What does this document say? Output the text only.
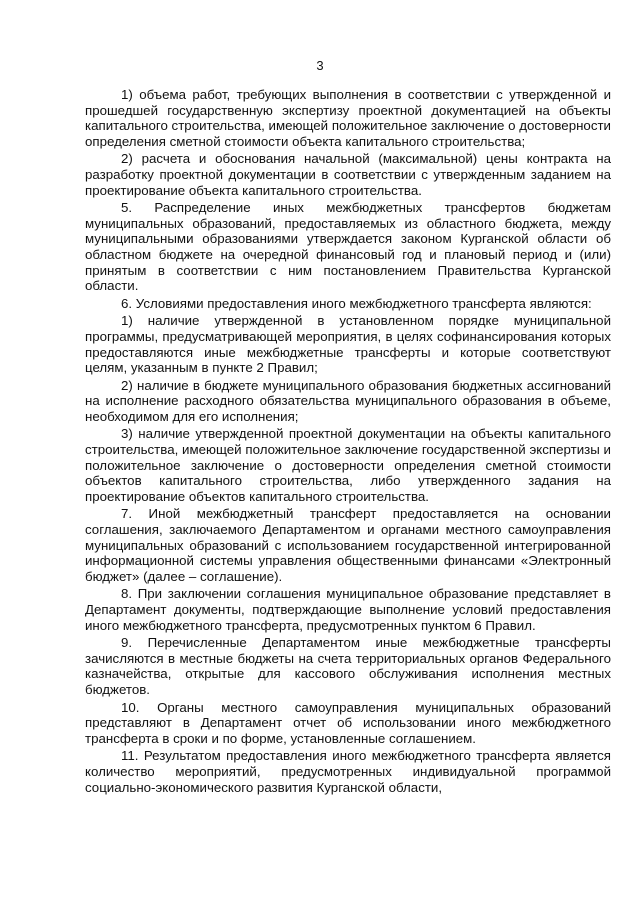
3

1) объема работ, требующих выполнения в соответствии с утвержденной и прошедшей государственную экспертизу проектной документацией на объекты капитального строительства, имеющей положительное заключение о достоверности определения сметной стоимости объекта капитального строительства;

2) расчета и обоснования начальной (максимальной) цены контракта на разработку проектной документации в соответствии с утвержденным заданием на проектирование объекта капитального строительства.

5. Распределение иных межбюджетных трансфертов бюджетам муниципальных образований, предоставляемых из областного бюджета, между муниципальными образованиями утверждается законом Курганской области об областном бюджете на очередной финансовый год и плановый период и (или) принятым в соответствии с ним постановлением Правительства Курганской области.

6. Условиями предоставления иного межбюджетного трансферта являются:

1) наличие утвержденной в установленном порядке муниципальной программы, предусматривающей мероприятия, в целях софинансирования которых предоставляются иные межбюджетные трансферты и которые соответствуют целям, указанным в пункте 2 Правил;

2) наличие в бюджете муниципального образования бюджетных ассигнований на исполнение расходного обязательства муниципального образования в объеме, необходимом для его исполнения;

3) наличие утвержденной проектной документации на объекты капитального строительства, имеющей положительное заключение государственной экспертизы и положительное заключение о достоверности определения сметной стоимости объектов капитального строительства, либо утвержденного задания на проектирование объектов капитального строительства.

7. Иной межбюджетный трансферт предоставляется на основании соглашения, заключаемого Департаментом и органами местного самоуправления муниципальных образований с использованием государственной интегрированной информационной системы управления общественными финансами «Электронный бюджет» (далее – соглашение).

8. При заключении соглашения муниципальное образование представляет в Департамент документы, подтверждающие выполнение условий предоставления иного межбюджетного трансферта, предусмотренных пунктом 6 Правил.

9. Перечисленные Департаментом иные межбюджетные трансферты зачисляются в местные бюджеты на счета территориальных органов Федерального казначейства, открытые для кассового обслуживания исполнения местных бюджетов.

10. Органы местного самоуправления муниципальных образований представляют в Департамент отчет об использовании иного межбюджетного трансферта в сроки и по форме, установленные соглашением.

11. Результатом предоставления иного межбюджетного трансферта является количество мероприятий, предусмотренных индивидуальной программой социально-экономического развития Курганской области,
